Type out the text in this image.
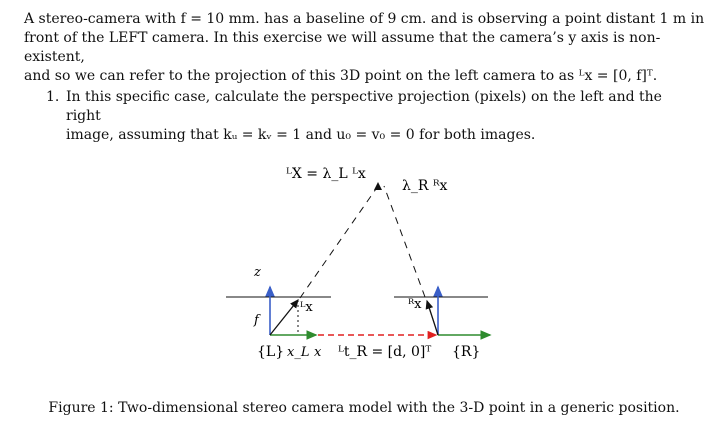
A stereo-camera with f = 10 mm. has a baseline of 9 cm. and is observing a point distant 1 m in
front of the LEFT camera. In this exercise we will assume that the camera’s y axis is non-existent,
and so we can refer to the projection of this 3D point on the left camera to as ᴸx = [0, f]ᵀ.
1. In this specific case, calculate the perspective projection (pixels) on the left and the right
image, assuming that kᵤ = kᵥ = 1 and u₀ = v₀ = 0 for both images.
ᴸX = λ_L ᴸx
λ_R ᴿx
z
f
ᴸx	ᴿx
{L} x_L x ᴸt_R = [d, 0]ᵀ {R}
Figure 1: Two-dimensional stereo camera model with the 3-D point in a generic position.
